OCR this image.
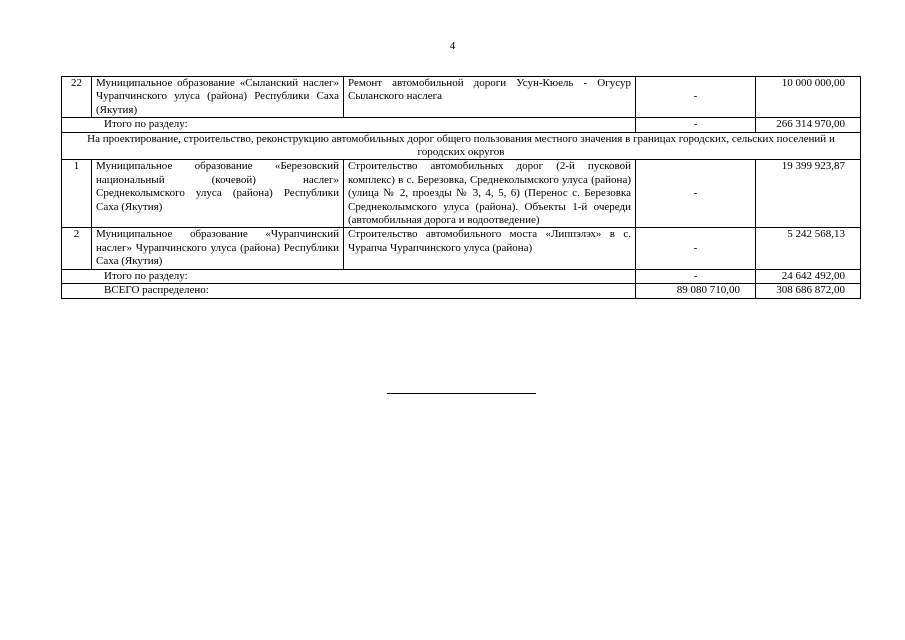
4
22	Муниципальное образование «Сыланский наслег» Чурапчинского улуса (района) Республики Саха (Якутия)	Ремонт автомобильной дороги Усун-Кюель - Огусур Сыланского наслега	-	10 000 000,00
Итого по разделу:			-	266 314 970,00
На проектирование, строительство, реконструкцию автомобильных дорог общего пользования местного значения в границах городских, сельских поселений и городских округов				
1	Муниципальное образование «Березовский национальный (кочевой) наслег» Среднеколымского улуса (района) Республики Саха (Якутия)	Строительство автомобильных дорог (2-й пусковой комплекс) в с. Березовка, Среднеколымского улуса (района) (улица № 2, проезды № 3, 4, 5, 6) (Перенос с. Березовка Среднеколымского улуса (района). Объекты 1-й очереди (автомобильная дорога и водоотведение)	-	19 399 923,87
2	Муниципальное образование «Чурапчинский наслег» Чурапчинского улуса (района) Республики Саха (Якутия)	Строительство автомобильного моста «Липпэлэх» в с. Чурапча Чурапчинского улуса (района)	-	5 242 568,13
Итого по разделу:			-	24 642 492,00
ВСЕГО распределено:			89 080 710,00	308 686 872,00
